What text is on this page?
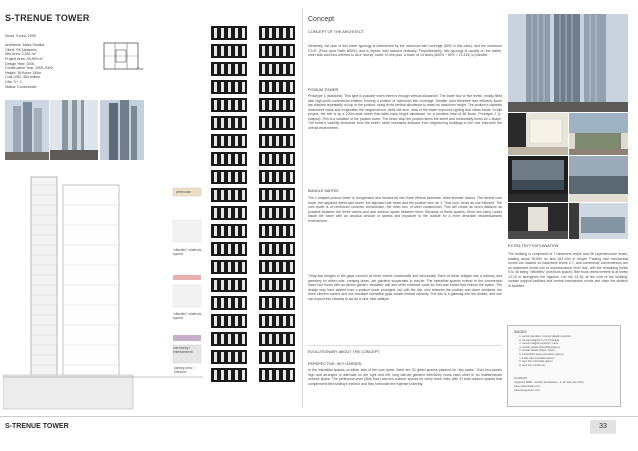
S-TRENUE TOWER
Seoul, Korea, 2009

Architects: Mass Studies
Client: SK Networks
Site Area: 2,931 m²
Project Area: 39,899 m²
Design Year: 2006
Construction Year: 2006-2009
Height: 36 floors 154m
Cost USD: 454 million
Lifts: 3 + 1
Status: Constructed
Plan
penthouse
“offsetted” rotational spaces
“offsetted” rotational spaces
community / entertainment
parking deck / entrance
Concept
CONCEPT OF THE ARCHITECT
Generally, the plan of this tower typology is determined by the maximum site coverage (60% in this case), and the maximum F.A.R. (Floor Area Ratio 800%), and is repeat- edly stacked vertically. Proportionately, this typology is usually on the stable, short side and thus referred to as a “stocky” tower. In this plan, a tower of 14 floors (800% ÷ 60% = 13.333) is possible.
PODIUM TOWER
Prototype 1 (standard): This type is possible when there is enough vertical allowance. The lower four or five levels, mostly filled with high-profit commercial entities, forming a podium of maximum site coverage. Smaller (and therefore less efficient) floors are stacked repeatedly on top of the podium, using extra vertical allowance to reach its maximum height. The podium's capacity maximizes value and invigorates the neighborhood, while the slim- ness of the tower improves lighting and views inside. In this project, the site is by a 100m-wide street that adds extra height allowance, for a possible total of 36 floors. Prototype 2 (L-shaped): This is a variation of the podium tower: The tower atop the podium faces the street and horizontally forms an L-shape. The tower's visibility increases from the street, while increased distance from neighboring buildings to the rear improves the overall environment.
BUNDLE MATRIX
The L-shaped podium tower is reorganized and transforms into three vertical elements: three slimmer towers. The central core tower, the adjoined street-side tower, the adjoined rear tower and the podium form an “L” that com- bines as one element. The core tower is of reinforced concrete construction, the other two, of steel construction. This will create as much distance as possible between the three towers and add outdoor space between them. Because of these spaces, there are many rooms inside the tower with an unusual amount of access and exposure to the outside for a more desirable residential/work environment.
Thirty-two bridges in the gaps connect all three towers functionally and structurally. Each of these bridges has a balcony and greenery on either side, creating pleas- ant gardens suspended in mid-air. The interstitial spaces extend to the commercial lower four floors with an atrium garden, escalator hall and other entrance voids for rest and transit that enliven the space. The design may have started from a podium tower prototype, but with the divi- sion between the podium and tower vanished, the three slimmer towers and two resultant interstitial gaps create vertical urbanity. The site is a gateway into the district, and one can expect this urbanity to act as a new, vital catalyst.
EVOLUTIONARY ABOUT THE CONCEPT
PERSPECTIVE: SKY GARDEN
In the interstitial spaces on either side of the core tower, there are 32 green spaces planned for “sky parks.” Over two stories high and arranged to alternate on the right and left, long narrow gardens effectively cross each other in an indeterminate outdoor space. The penthouse level (36th floor) has two outdoor spaces for every three units, with 31 total outdoor spaces that complement the building's exterior and help formulate the highrise's identity.
EXTRA TEXT EXPLANATION
The building is comprised of 7 basement levels and 36 superstructure levels, totaling about 39,899 m² and 154.14m in height. Parking and mechanical rooms are located on basement levels 2-7, and community conveniences are on basement levels one to superstructure level four, with the remaining levels 5 to 36 being “officetels” (live/work space). Belt truss reinforcement is at levels 14-15 to strengthen the highrise. Lev els 14-15, at the core of the building, contain support facilities and central mechanical rooms and mark the division of facilities.
IMAGES:
1. section elevation / concept diagram sections
2. concept diagram 1,2,3,4,5 facade
3. concept diagram sections / parts
4. outside facade (interstitial spaces)
5. outside facade (Tower, Tower)
6. interior/floor space (elevation spaces)
7. inside view interstitial spaces
8. view from interstitial spaces
9. view from penthouse
SOURCES:
magazine MMB - another architecture - nr 10 april may 2010
www.massstudies.com
www.designboom.com
S-TRENUE TOWER	33
